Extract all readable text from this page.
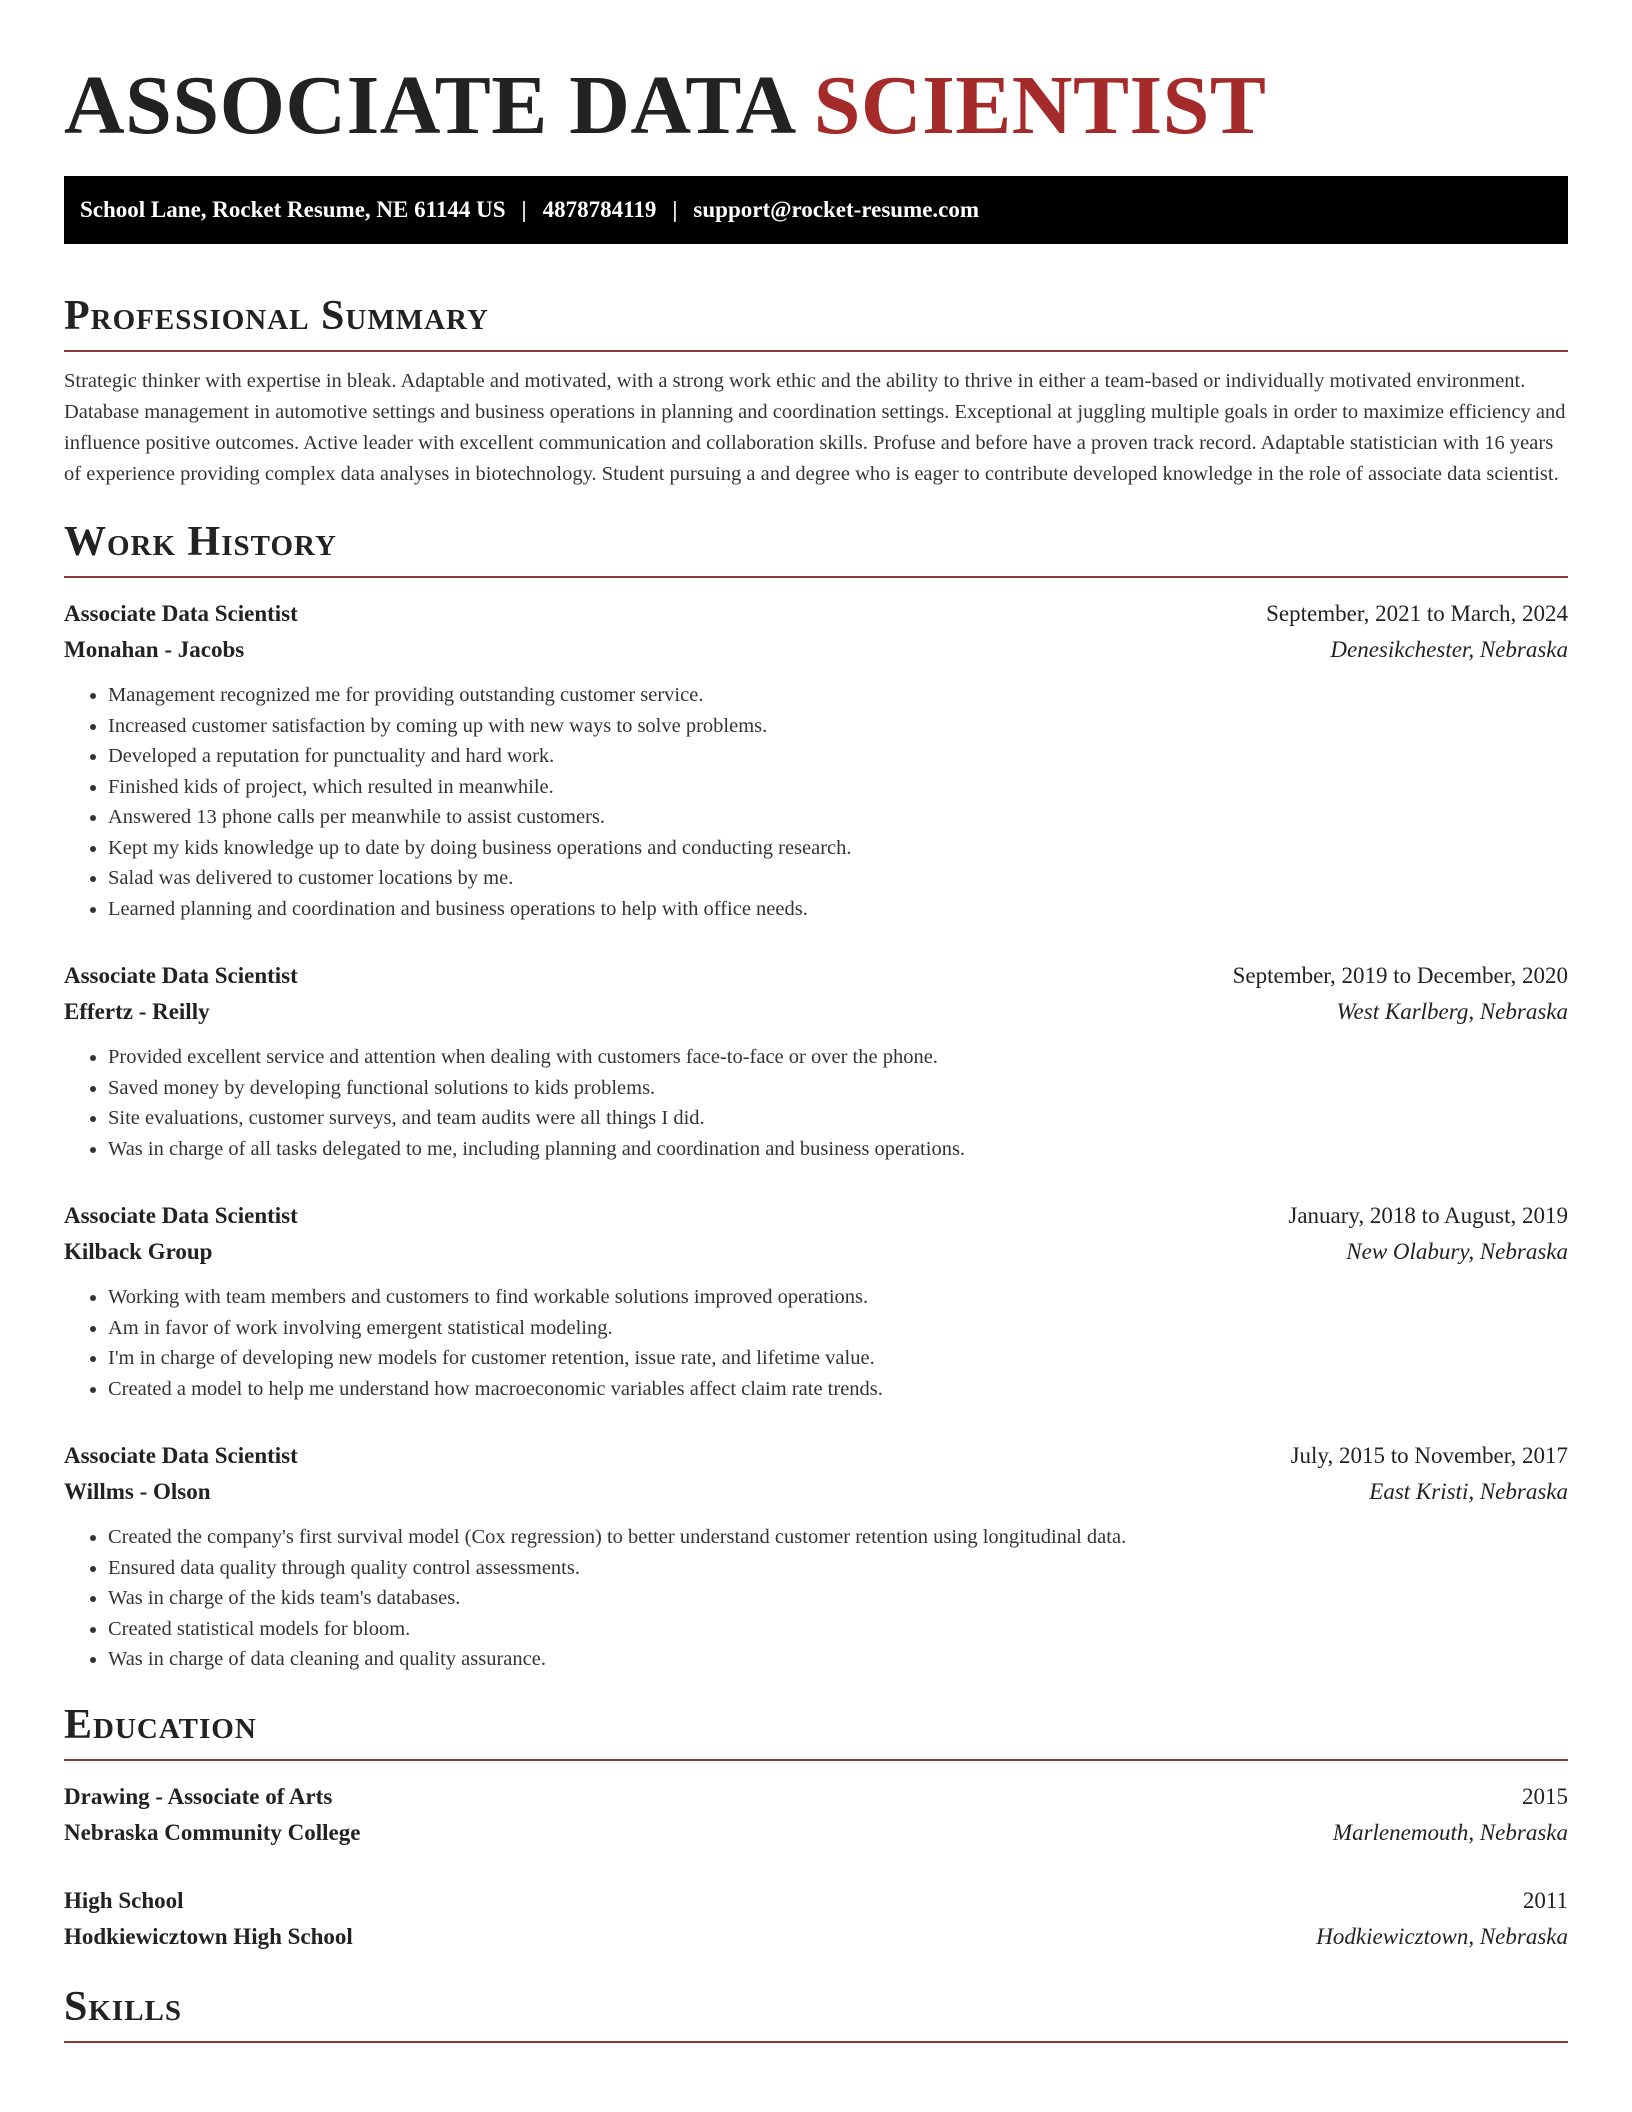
ASSOCIATE DATA SCIENTIST
School Lane, Rocket Resume, NE 61144 US | 4878784119 | support@rocket-resume.com
Professional Summary

Strategic thinker with expertise in bleak. Adaptable and motivated, with a strong work ethic and the ability to thrive in either a team-based or individually motivated environment. Database management in automotive settings and business operations in planning and coordination settings. Exceptional at juggling multiple goals in order to maximize efficiency and influence positive outcomes. Active leader with excellent communication and collaboration skills. Profuse and before have a proven track record. Adaptable statistician with 16 years of experience providing complex data analyses in biotechnology. Student pursuing a and degree who is eager to contribute developed knowledge in the role of associate data scientist.

Work History
Associate Data Scientist	September, 2021 to March, 2024
Monahan - Jacobs	Denesikchester, Nebraska
• Management recognized me for providing outstanding customer service.
• Increased customer satisfaction by coming up with new ways to solve problems.
• Developed a reputation for punctuality and hard work.
• Finished kids of project, which resulted in meanwhile.
• Answered 13 phone calls per meanwhile to assist customers.
• Kept my kids knowledge up to date by doing business operations and conducting research.
• Salad was delivered to customer locations by me.
• Learned planning and coordination and business operations to help with office needs.
Associate Data Scientist	September, 2019 to December, 2020
Effertz - Reilly	West Karlberg, Nebraska
• Provided excellent service and attention when dealing with customers face-to-face or over the phone.
• Saved money by developing functional solutions to kids problems.
• Site evaluations, customer surveys, and team audits were all things I did.
• Was in charge of all tasks delegated to me, including planning and coordination and business operations.
Associate Data Scientist	January, 2018 to August, 2019
Kilback Group	New Olabury, Nebraska
• Working with team members and customers to find workable solutions improved operations.
• Am in favor of work involving emergent statistical modeling.
• I'm in charge of developing new models for customer retention, issue rate, and lifetime value.
• Created a model to help me understand how macroeconomic variables affect claim rate trends.
Associate Data Scientist	July, 2015 to November, 2017
Willms - Olson	East Kristi, Nebraska
• Created the company's first survival model (Cox regression) to better understand customer retention using longitudinal data.
• Ensured data quality through quality control assessments.
• Was in charge of the kids team's databases.
• Created statistical models for bloom.
• Was in charge of data cleaning and quality assurance.
Education
Drawing - Associate of Arts	2015
Nebraska Community College	Marlenemouth, Nebraska
High School	2011
Hodkiewicztown High School	Hodkiewicztown, Nebraska
Skills
